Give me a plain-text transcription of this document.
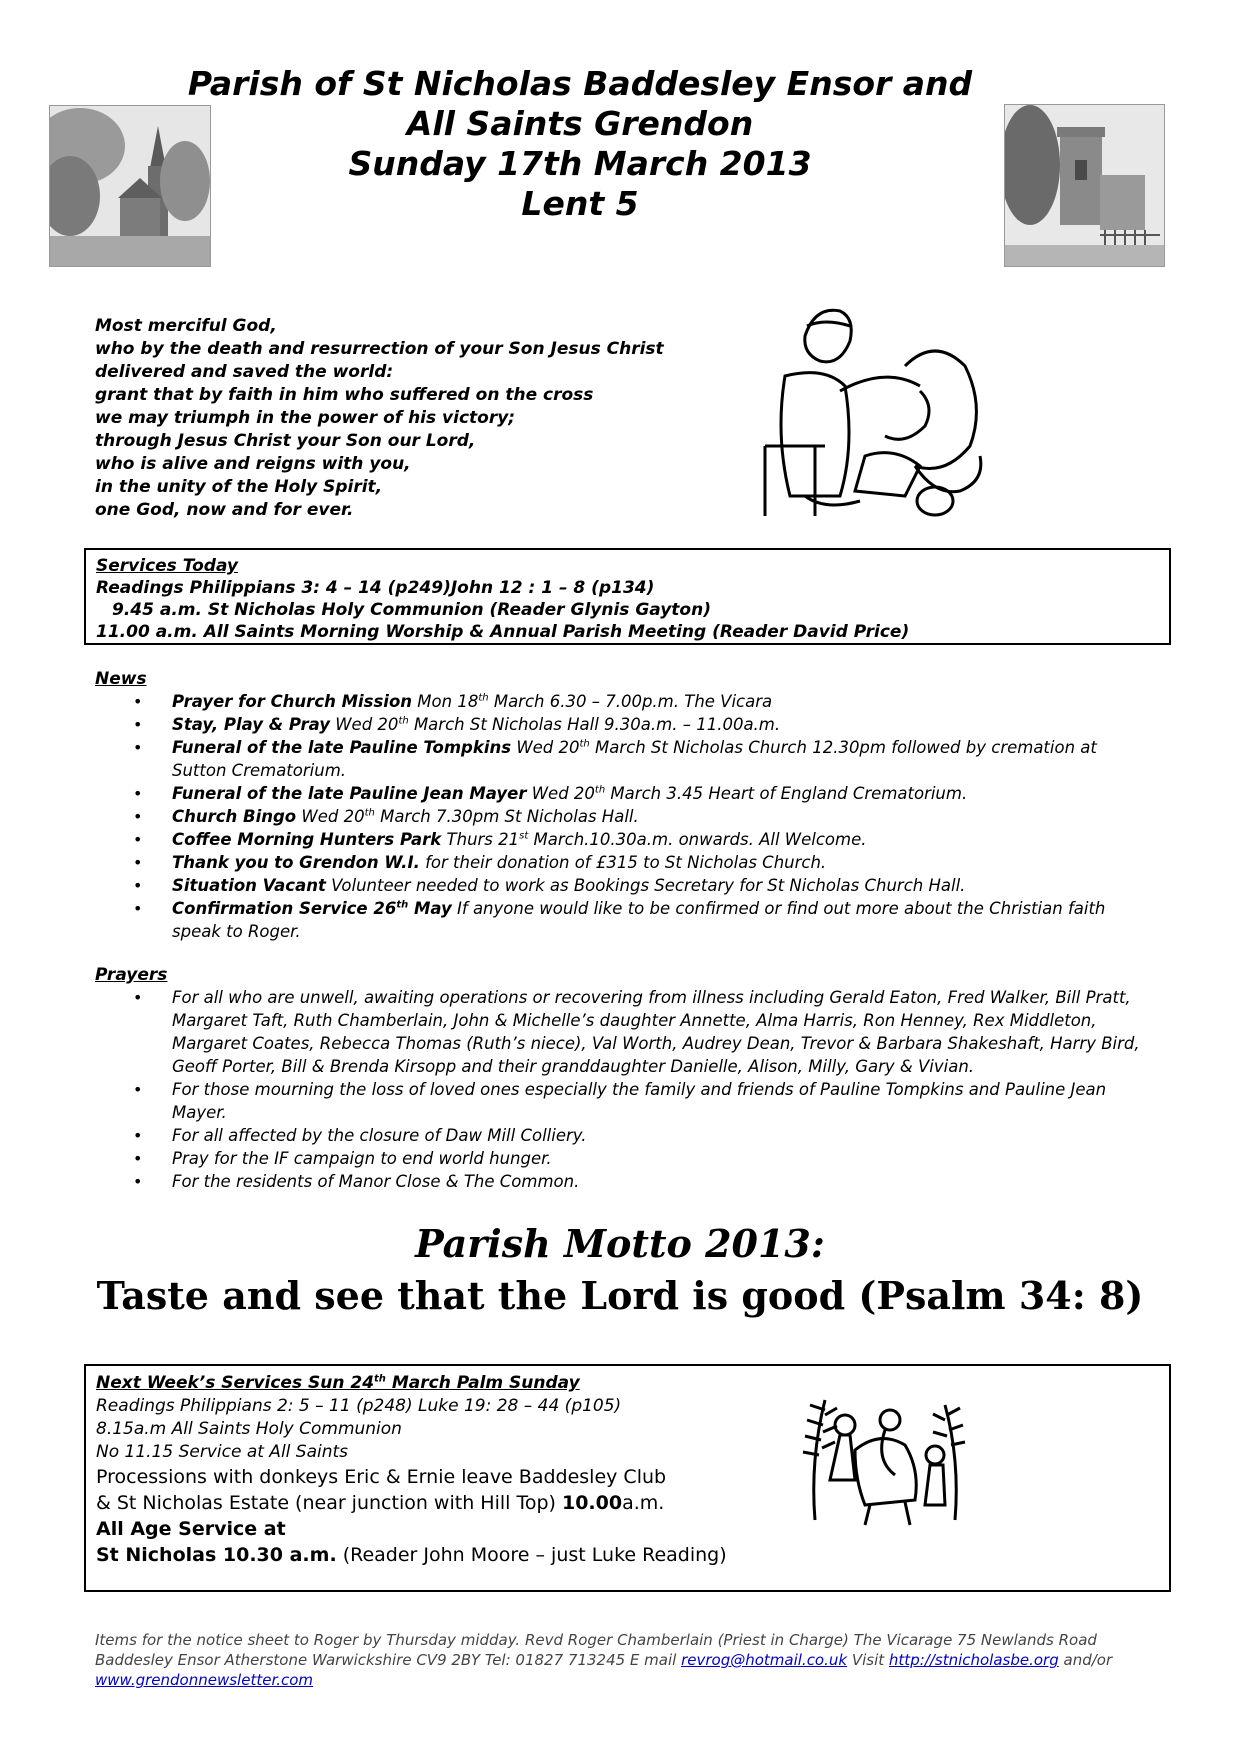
Parish of St Nicholas Baddesley Ensor and
All Saints Grendon
Sunday 17th March 2013
Lent 5
Most merciful God,
who by the death and resurrection of your Son Jesus Christ
delivered and saved the world:
grant that by faith in him who suffered on the cross
we may triumph in the power of his victory;
through Jesus Christ your Son our Lord,
who is alive and reigns with you,
in the unity of the Holy Spirit,
one God, now and for ever.
Services Today
Readings Philippians 3: 4 – 14 (p249)John 12 : 1 – 8 (p134)
9.45 a.m. St Nicholas Holy Communion (Reader Glynis Gayton)
11.00 a.m. All Saints Morning Worship & Annual Parish Meeting (Reader David Price)
News
• Prayer for Church Mission Mon 18th March 6.30 – 7.00p.m. The Vicara
• Stay, Play & Pray Wed 20th March St Nicholas Hall 9.30a.m. – 11.00a.m.
• Funeral of the late Pauline Tompkins Wed 20th March St Nicholas Church 12.30pm followed by cremation at Sutton Crematorium.
• Funeral of the late Pauline Jean Mayer Wed 20th March 3.45 Heart of England Crematorium.
• Church Bingo Wed 20th March 7.30pm St Nicholas Hall.
• Coffee Morning Hunters Park Thurs 21st March.10.30a.m. onwards. All Welcome.
• Thank you to Grendon W.I. for their donation of £315 to St Nicholas Church.
• Situation Vacant Volunteer needed to work as Bookings Secretary for St Nicholas Church Hall.
• Confirmation Service 26th May If anyone would like to be confirmed or find out more about the Christian faith speak to Roger.
Prayers
• For all who are unwell, awaiting operations or recovering from illness including Gerald Eaton, Fred Walker, Bill Pratt, Margaret Taft, Ruth Chamberlain, John & Michelle’s daughter Annette, Alma Harris, Ron Henney, Rex Middleton, Margaret Coates, Rebecca Thomas (Ruth’s niece), Val Worth, Audrey Dean, Trevor & Barbara Shakeshaft, Harry Bird, Geoff Porter, Bill & Brenda Kirsopp and their granddaughter Danielle, Alison, Milly, Gary & Vivian.
• For those mourning the loss of loved ones especially the family and friends of Pauline Tompkins and Pauline Jean Mayer.
• For all affected by the closure of Daw Mill Colliery.
• Pray for the IF campaign to end world hunger.
• For the residents of Manor Close & The Common.
Parish Motto 2013:
Taste and see that the Lord is good (Psalm 34: 8)
Next Week’s Services Sun 24th March Palm Sunday
Readings Philippians 2: 5 – 11 (p248) Luke 19: 28 – 44 (p105)
8.15a.m All Saints Holy Communion
No 11.15 Service at All Saints
Processions with donkeys Eric & Ernie leave Baddesley Club
& St Nicholas Estate (near junction with Hill Top) 10.00a.m.
All Age Service at
St Nicholas 10.30 a.m. (Reader John Moore – just Luke Reading)
Items for the notice sheet to Roger by Thursday midday. Revd Roger Chamberlain (Priest in Charge) The Vicarage 75 Newlands Road Baddesley Ensor Atherstone Warwickshire CV9 2BY Tel: 01827 713245 E mail revrog@hotmail.co.uk Visit http://stnicholasbe.org and/or www.grendonnewsletter.com
